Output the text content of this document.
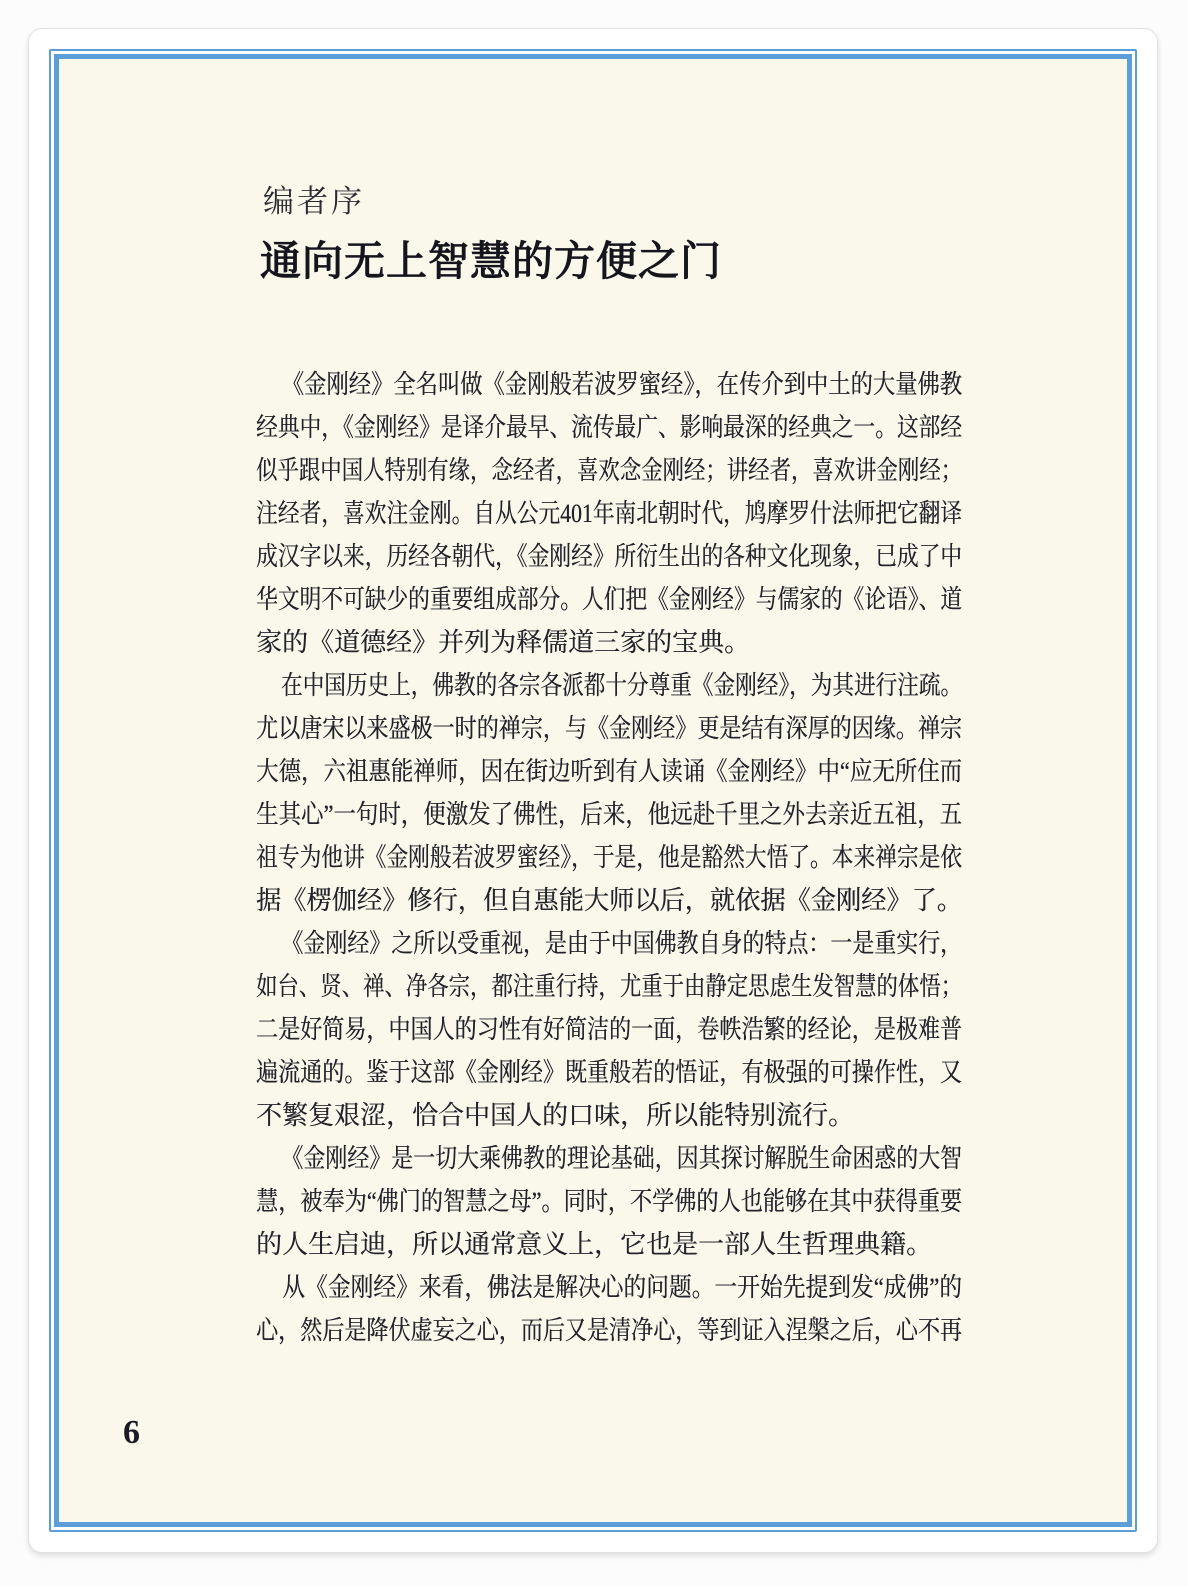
编者序
通向无上智慧的方便之门
《金刚经》全名叫做《金刚般若波罗蜜经》，在传介到中土的大量佛教
经典中，《金刚经》是译介最早、流传最广、影响最深的经典之一。这部经
似乎跟中国人特别有缘，念经者，喜欢念金刚经；讲经者，喜欢讲金刚经；
注经者，喜欢注金刚。自从公元401年南北朝时代，鸠摩罗什法师把它翻译
成汉字以来，历经各朝代，《金刚经》所衍生出的各种文化现象，已成了中
华文明不可缺少的重要组成部分。人们把《金刚经》与儒家的《论语》、道
家的《道德经》并列为释儒道三家的宝典。
在中国历史上，佛教的各宗各派都十分尊重《金刚经》，为其进行注疏。
尤以唐宋以来盛极一时的禅宗，与《金刚经》更是结有深厚的因缘。禅宗
大德，六祖惠能禅师，因在街边听到有人读诵《金刚经》中“应无所住而
生其心”一句时，便激发了佛性，后来，他远赴千里之外去亲近五祖，五
祖专为他讲《金刚般若波罗蜜经》，于是，他是豁然大悟了。本来禅宗是依
据《楞伽经》修行，但自惠能大师以后，就依据《金刚经》了。
《金刚经》之所以受重视，是由于中国佛教自身的特点：一是重实行，
如台、贤、禅、净各宗，都注重行持，尤重于由静定思虑生发智慧的体悟；
二是好简易，中国人的习性有好简洁的一面，卷帙浩繁的经论，是极难普
遍流通的。鉴于这部《金刚经》既重般若的悟证，有极强的可操作性，又
不繁复艰涩，恰合中国人的口味，所以能特别流行。
《金刚经》是一切大乘佛教的理论基础，因其探讨解脱生命困惑的大智
慧，被奉为“佛门的智慧之母”。同时，不学佛的人也能够在其中获得重要
的人生启迪，所以通常意义上，它也是一部人生哲理典籍。
从《金刚经》来看，佛法是解决心的问题。一开始先提到发“成佛”的
心，然后是降伏虚妄之心，而后又是清净心，等到证入涅槃之后，心不再
6
